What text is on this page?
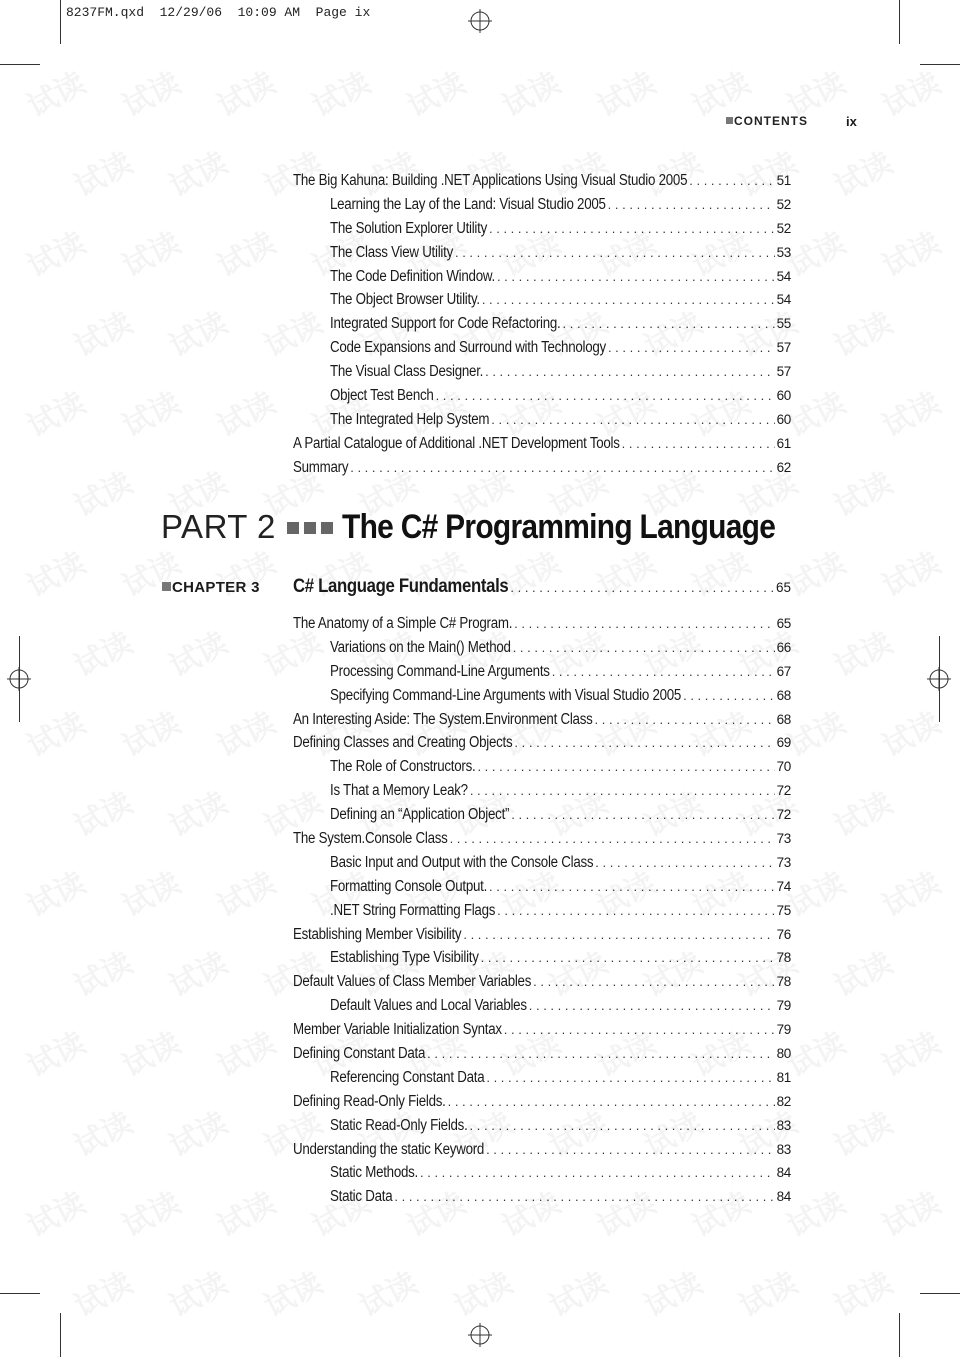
8237FM.qxd  12/29/06  10:09 AM  Page ix
CONTENTS	ix
The Big Kahuna: Building .NET Applications Using Visual Studio 2005 . . .	51
Learning the Lay of the Land: Visual Studio 2005 . . .	52
The Solution Explorer Utility . . .	52
The Class View Utility . . .	53
The Code Definition Window. . . .	54
The Object Browser Utility. . . .	54
Integrated Support for Code Refactoring. . . .	55
Code Expansions and Surround with Technology . . .	57
The Visual Class Designer. . . .	57
Object Test Bench . . .	60
The Integrated Help System . . .	60
A Partial Catalogue of Additional .NET Development Tools . . .	61
Summary . . .	62
PART 2 The C# Programming Language
CHAPTER 3 C# Language Fundamentals . . .	65
The Anatomy of a Simple C# Program. . . .	65
Variations on the Main() Method . . .	66
Processing Command-Line Arguments . . .	67
Specifying Command-Line Arguments with Visual Studio 2005 . . .	68
An Interesting Aside: The System.Environment Class . . .	68
Defining Classes and Creating Objects . . .	69
The Role of Constructors. . . .	70
Is That a Memory Leak? . . .	72
Defining an “Application Object” . . .	72
The System.Console Class . . .	73
Basic Input and Output with the Console Class . . .	73
Formatting Console Output. . . .	74
.NET String Formatting Flags . . .	75
Establishing Member Visibility . . .	76
Establishing Type Visibility . . .	78
Default Values of Class Member Variables . . .	78
Default Values and Local Variables . . .	79
Member Variable Initialization Syntax . . .	79
Defining Constant Data . . .	80
Referencing Constant Data . . .	81
Defining Read-Only Fields. . . .	82
Static Read-Only Fields. . . .	83
Understanding the static Keyword . . .	83
Static Methods. . . .	84
Static Data . . .	84
